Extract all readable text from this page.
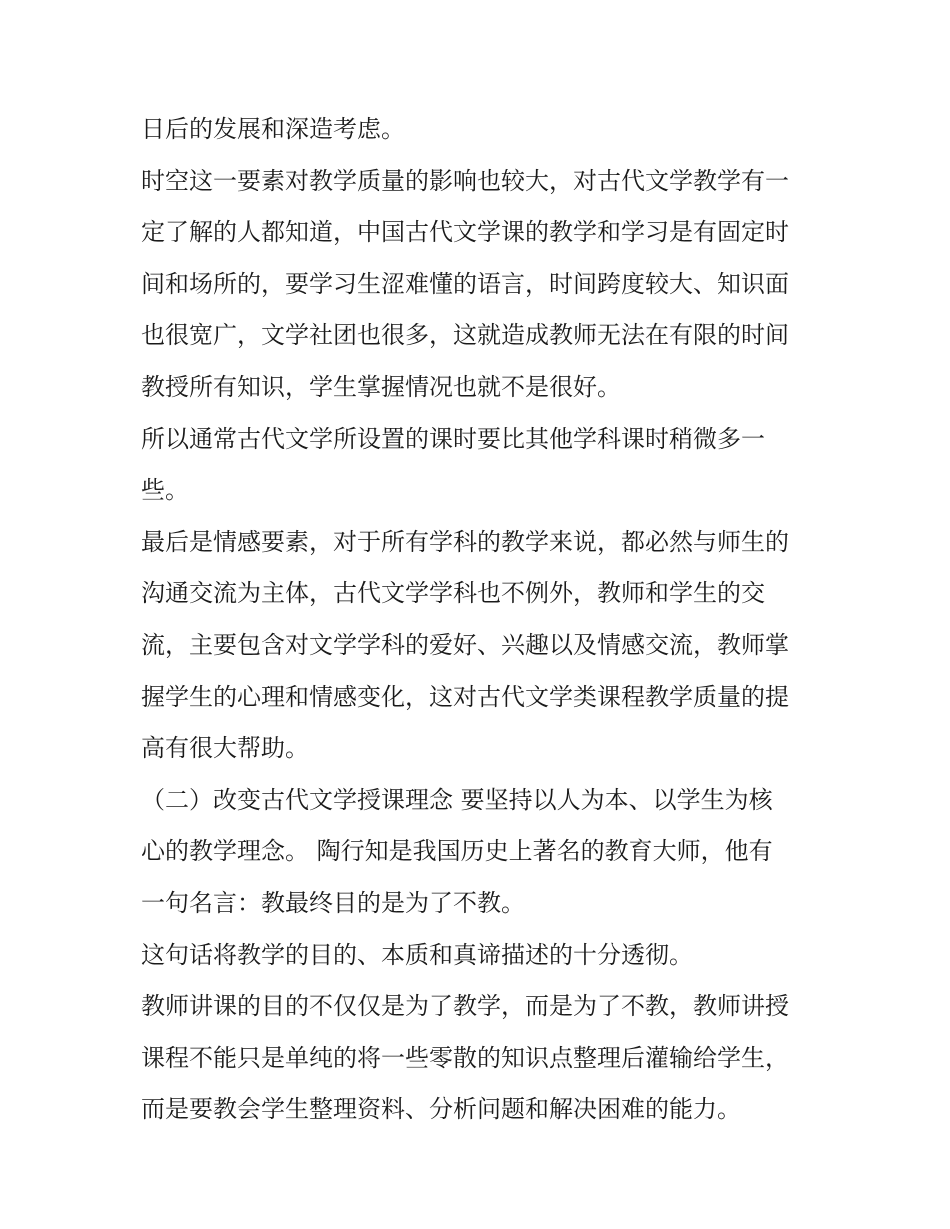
日后的发展和深造考虑。
时空这一要素对教学质量的影响也较大，对古代文学教学有一
定了解的人都知道，中国古代文学课的教学和学习是有固定时
间和场所的，要学习生涩难懂的语言，时间跨度较大、知识面
也很宽广，文学社团也很多，这就造成教师无法在有限的时间
教授所有知识，学生掌握情况也就不是很好。
所以通常古代文学所设置的课时要比其他学科课时稍微多一
些。
最后是情感要素，对于所有学科的教学来说，都必然与师生的
沟通交流为主体，古代文学学科也不例外，教师和学生的交
流，主要包含对文学学科的爱好、兴趣以及情感交流，教师掌
握学生的心理和情感变化，这对古代文学类课程教学质量的提
高有很大帮助。
（二）改变古代文学授课理念 要坚持以人为本、以学生为核
心的教学理念。 陶行知是我国历史上著名的教育大师，他有
一句名言：教最终目的是为了不教。
这句话将教学的目的、本质和真谛描述的十分透彻。
教师讲课的目的不仅仅是为了教学，而是为了不教，教师讲授
课程不能只是单纯的将一些零散的知识点整理后灌输给学生，
而是要教会学生整理资料、分析问题和解决困难的能力。
